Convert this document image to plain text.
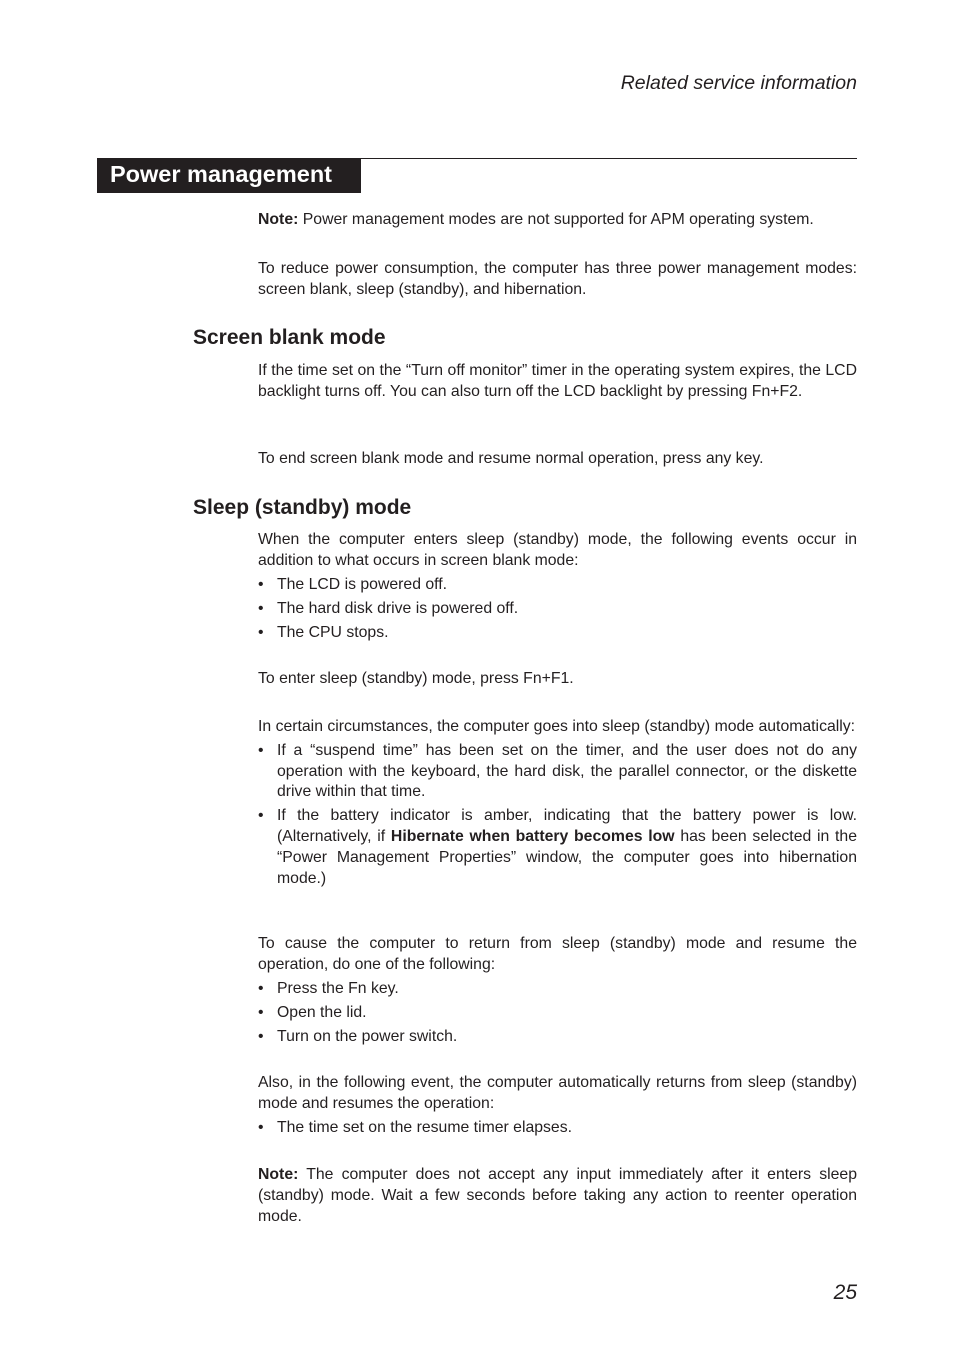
Related service information
Power management
Note: Power management modes are not supported for APM operating system.
To reduce power consumption, the computer has three power management modes: screen blank, sleep (standby), and hibernation.
Screen blank mode
If the time set on the “Turn off monitor” timer in the operating system expires, the LCD backlight turns off. You can also turn off the LCD backlight by pressing Fn+F2.
To end screen blank mode and resume normal operation, press any key.
Sleep (standby) mode
When the computer enters sleep (standby) mode, the following events occur in addition to what occurs in screen blank mode:
• The LCD is powered off.
• The hard disk drive is powered off.
• The CPU stops.
To enter sleep (standby) mode, press Fn+F1.
In certain circumstances, the computer goes into sleep (standby) mode automatically:
• If a “suspend time” has been set on the timer, and the user does not do any operation with the keyboard, the hard disk, the parallel connector, or the diskette drive within that time.
• If the battery indicator is amber, indicating that the battery power is low. (Alternatively, if Hibernate when battery becomes low has been selected in the “Power Management Properties” window, the computer goes into hibernation mode.)
To cause the computer to return from sleep (standby) mode and resume the operation, do one of the following:
• Press the Fn key.
• Open the lid.
• Turn on the power switch.
Also, in the following event, the computer automatically returns from sleep (standby) mode and resumes the operation:
• The time set on the resume timer elapses.
Note: The computer does not accept any input immediately after it enters sleep (standby) mode. Wait a few seconds before taking any action to reenter operation mode.
25
